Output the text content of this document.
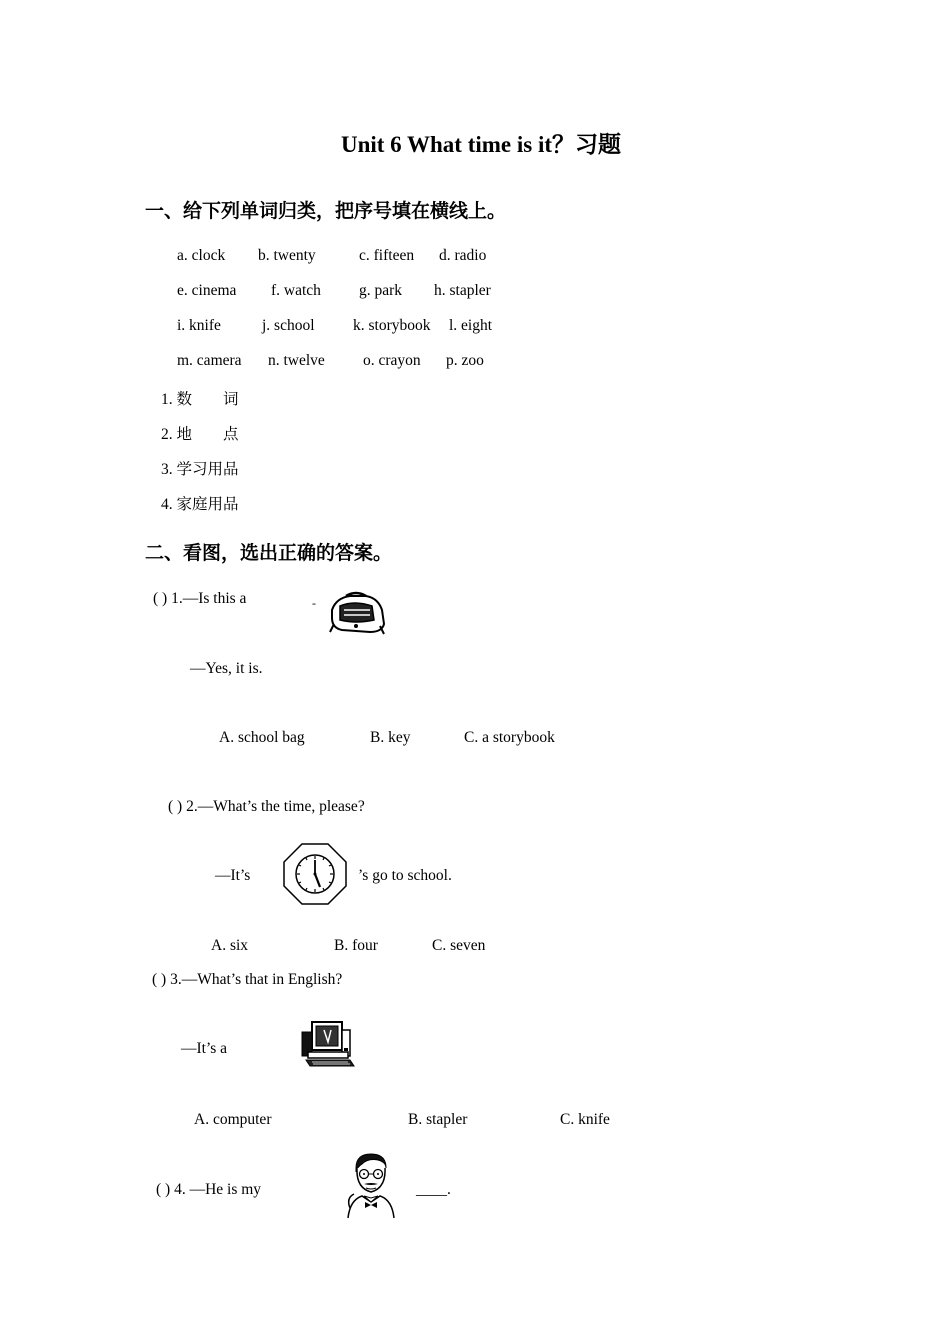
Unit 6 What time is it？习题
一、给下列单词归类，把序号填在横线上。
a. clock b. twenty	c. fifteen d. radio
e. cinema f. watch g. park h. stapler
i. knife	j. school k. storybook l. eight
m. camera n. twelve o. crayon p. zoo
1. 数　　词
2. 地　　点
3. 学习用品
4. 家庭用品
二、看图，选出正确的答案。
( ) 1.—Is this a	-
—Yes, it is.
A. school bag	B. key	C. a storybook
( ) 2.—What’s the time, please?
—It’s	’s go to school.
A. six	B. four	C. seven
( ) 3.—What’s that in English?
—It’s a
A. computer	B. stapler	C. knife
( ) 4. —He is my	____.
